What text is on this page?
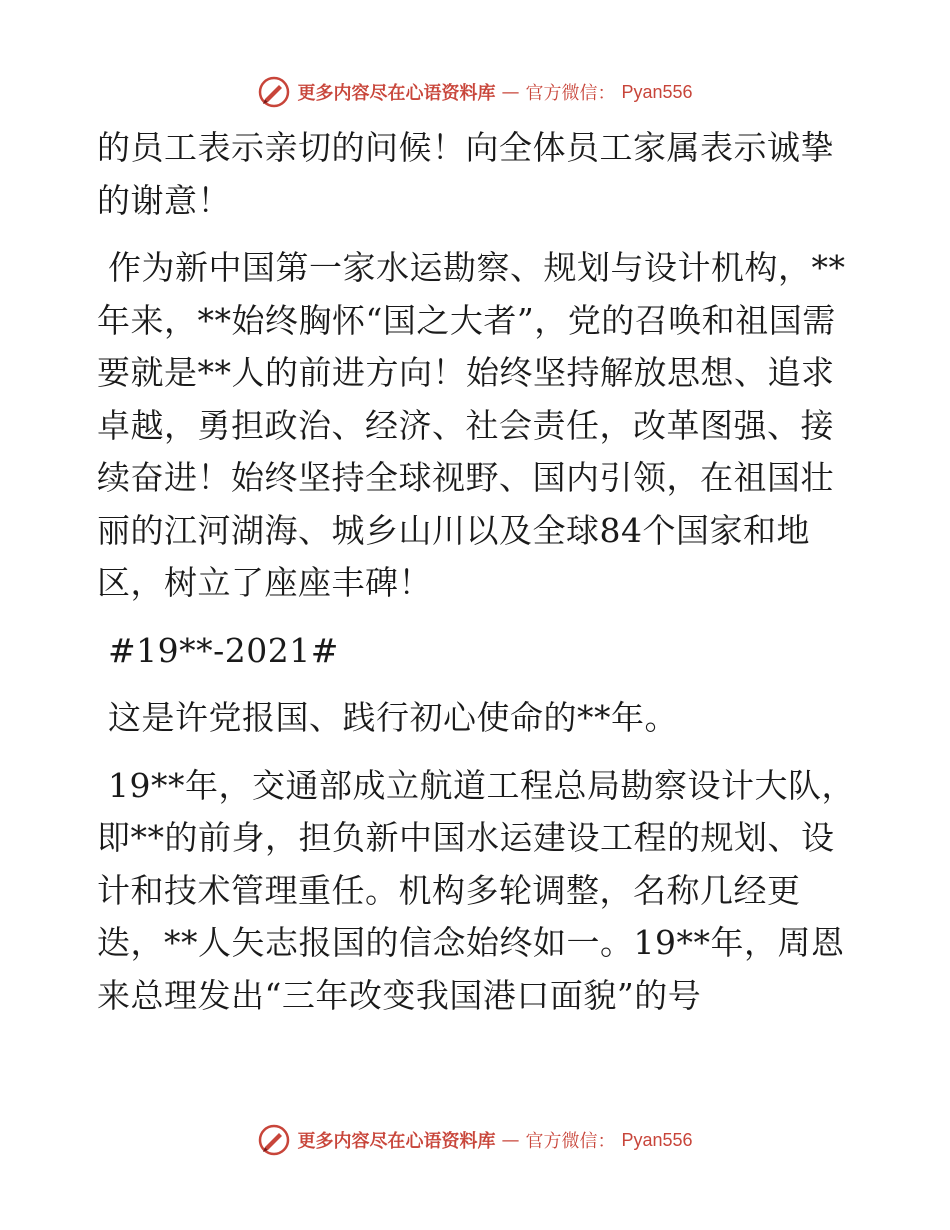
更多内容尽在心语资料库 — 官方微信： Pyan556

的员工表示亲切的问候！向全体员工家属表示诚挚的谢意！

作为新中国第一家水运勘察、规划与设计机构，**年来，**始终胸怀“国之大者”，党的召唤和祖国需要就是**人的前进方向！始终坚持解放思想、追求卓越，勇担政治、经济、社会责任，改革图强、接续奋进！始终坚持全球视野、国内引领，在祖国壮丽的江河湖海、城乡山川以及全球84个国家和地区，树立了座座丰碑！

#19**-2021#

这是许党报国、践行初心使命的**年。

19**年，交通部成立航道工程总局勘察设计大队，即**的前身，担负新中国水运建设工程的规划、设计和技术管理重任。机构多轮调整，名称几经更迭，**人矢志报国的信念始终如一。19**年，周恩来总理发出“三年改变我国港口面貌”的号

更多内容尽在心语资料库 — 官方微信： Pyan556
